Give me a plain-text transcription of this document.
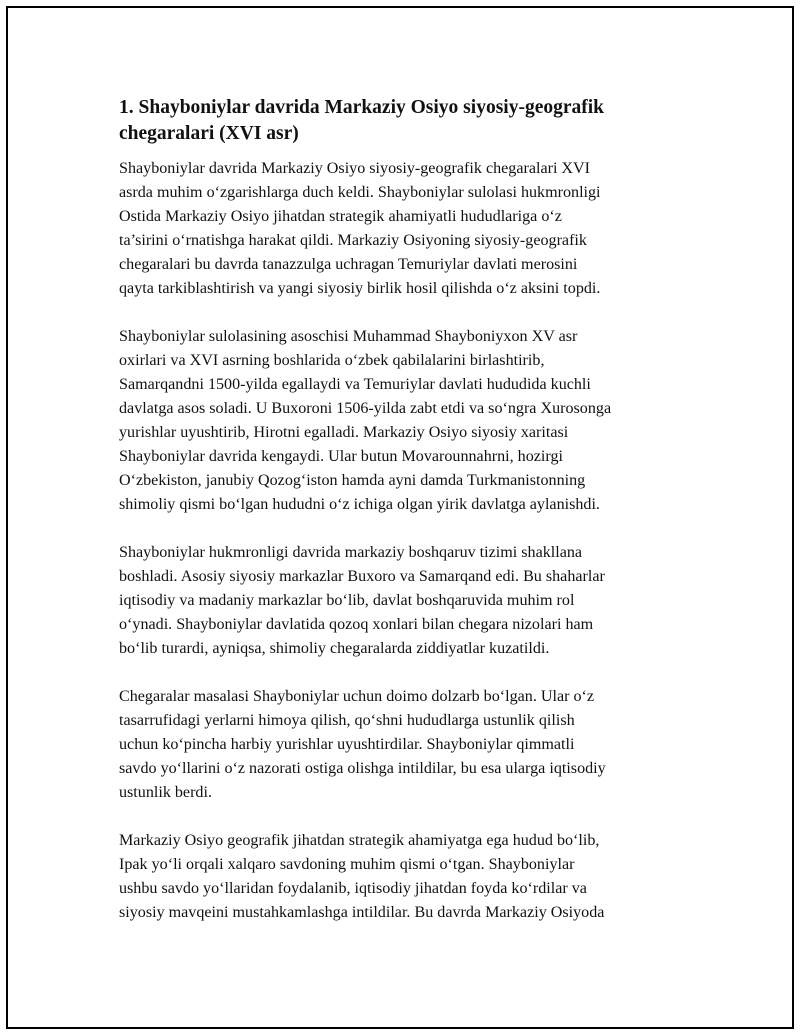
1. Shayboniylar davrida Markaziy Osiyo siyosiy-geografik
chegaralari (XVI asr)

Shayboniylar davrida Markaziy Osiyo siyosiy-geografik chegaralari XVI
asrda muhim o‘zgarishlarga duch keldi. Shayboniylar sulolasi hukmronligi
Ostida Markaziy Osiyo jihatdan strategik ahamiyatli hududlariga o‘z
ta’sirini o‘rnatishga harakat qildi. Markaziy Osiyoning siyosiy-geografik
chegaralari bu davrda tanazzulga uchragan Temuriylar davlati merosini
qayta tarkiblashtirish va yangi siyosiy birlik hosil qilishda o‘z aksini topdi.

Shayboniylar sulolasining asoschisi Muhammad Shayboniyxon XV asr
oxirlari va XVI asrning boshlarida o‘zbek qabilalarini birlashtirib,
Samarqandni 1500-yilda egallaydi va Temuriylar davlati hududida kuchli
davlatga asos soladi. U Buxoroni 1506-yilda zabt etdi va so‘ngra Xurosonga
yurishlar uyushtirib, Hirotni egalladi. Markaziy Osiyo siyosiy xaritasi
Shayboniylar davrida kengaydi. Ular butun Movarounnahrni, hozirgi
O‘zbekiston, janubiy Qozog‘iston hamda ayni damda Turkmanistonning
shimoliy qismi bo‘lgan hududni o‘z ichiga olgan yirik davlatga aylanishdi.

Shayboniylar hukmronligi davrida markaziy boshqaruv tizimi shakllana
boshladi. Asosiy siyosiy markazlar Buxoro va Samarqand edi. Bu shaharlar
iqtisodiy va madaniy markazlar bo‘lib, davlat boshqaruvida muhim rol
o‘ynadi. Shayboniylar davlatida qozoq xonlari bilan chegara nizolari ham
bo‘lib turardi, ayniqsa, shimoliy chegaralarda ziddiyatlar kuzatildi.

Chegaralar masalasi Shayboniylar uchun doimo dolzarb bo‘lgan. Ular o‘z
tasarrufidagi yerlarni himoya qilish, qo‘shni hududlarga ustunlik qilish
uchun ko‘pincha harbiy yurishlar uyushtirdilar. Shayboniylar qimmatli
savdo yo‘llarini o‘z nazorati ostiga olishga intildilar, bu esa ularga iqtisodiy
ustunlik berdi.

Markaziy Osiyo geografik jihatdan strategik ahamiyatga ega hudud bo‘lib,
Ipak yo‘li orqali xalqaro savdoning muhim qismi o‘tgan. Shayboniylar
ushbu savdo yo‘llaridan foydalanib, iqtisodiy jihatdan foyda ko‘rdilar va
siyosiy mavqeini mustahkamlashga intildilar. Bu davrda Markaziy Osiyoda
